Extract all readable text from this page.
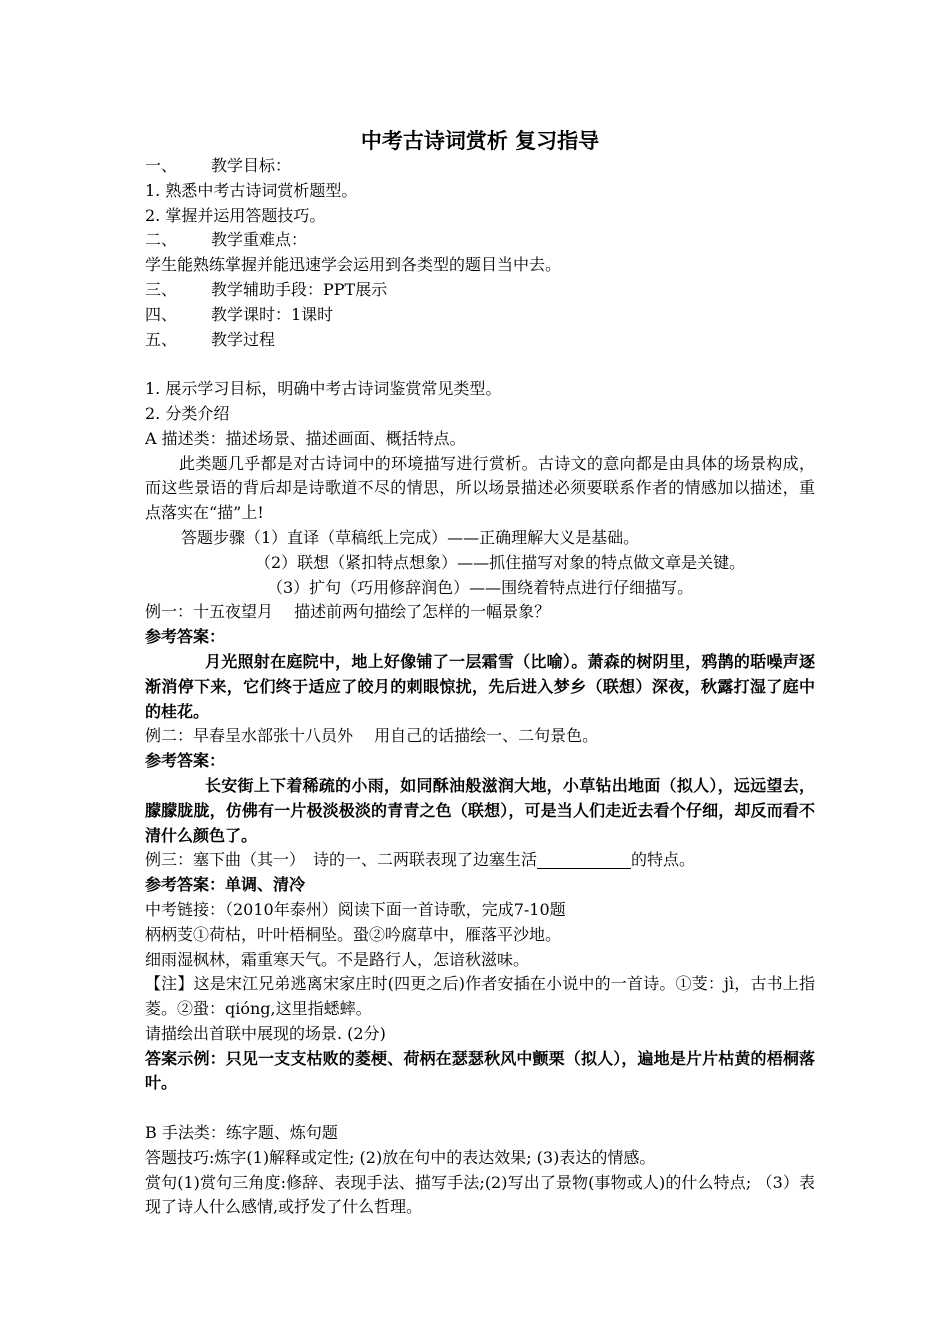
中考古诗词赏析 复习指导
一、 教学目标：
1. 熟悉中考古诗词赏析题型。
2. 掌握并运用答题技巧。
二、 教学重难点：
学生能熟练掌握并能迅速学会运用到各类型的题目当中去。
三、 教学辅助手段：PPT展示
四、 教学课时：1课时
五、 教学过程
1. 展示学习目标，明确中考古诗词鉴赏常见类型。
2. 分类介绍
A 描述类：描述场景、描述画面、概括特点。
此类题几乎都是对古诗词中的环境描写进行赏析。古诗文的意向都是由具体的场景构成，而这些景语的背后却是诗歌道不尽的情思，所以场景描述必须要联系作者的情感加以描述，重点落实在“描”上!
答题步骤（1）直译（草稿纸上完成）——正确理解大义是基础。
（2）联想（紧扣特点想象）——抓住描写对象的特点做文章是关键。
（3）扩句（巧用修辞润色）——围绕着特点进行仔细描写。
例一：十五夜望月　 描述前两句描绘了怎样的一幅景象？
参考答案：
月光照射在庭院中，地上好像铺了一层霜雪（比喻）。萧森的树阴里，鸦鹊的聒噪声逐渐消停下来，它们终于适应了皎月的刺眼惊扰，先后进入梦乡（联想）深夜，秋露打湿了庭中的桂花。
例二：早春呈水部张十八员外　 用自己的话描绘一、二句景色。
参考答案：
长安街上下着稀疏的小雨，如同酥油般滋润大地，小草钻出地面（拟人），远远望去，朦朦胧胧，仿佛有一片极淡极淡的青青之色（联想），可是当人们走近去看个仔细，却反而看不清什么颜色了。
例三：塞下曲（其一）　诗的一、二两联表现了边塞生活	的特点。
参考答案：单调、清冷
中考链接：（2010年泰州）阅读下面一首诗歌，完成7-10题
柄柄芰①荷枯，叶叶梧桐坠。蛩②吟腐草中，雁落平沙地。
细雨湿枫林，霜重寒天气。不是路行人，怎谙秋滋味。
【注】这是宋江兄弟逃离宋家庄时(四更之后)作者安插在小说中的一首诗。①芰：jì，古书上指菱。②蛩：qióng,这里指蟋蟀。
请描绘出首联中展现的场景. (2分)
答案示例：只见一支支枯败的菱梗、荷柄在瑟瑟秋风中颤栗（拟人），遍地是片片枯黄的梧桐落叶。
B 手法类：练字题、炼句题
答题技巧:炼字(1)解释或定性; (2)放在句中的表达效果; (3)表达的情感。
赏句(1)赏句三角度:修辞、表现手法、描写手法;(2)写出了景物(事物或人)的什么特点; （3）表现了诗人什么感情,或抒发了什么哲理。
